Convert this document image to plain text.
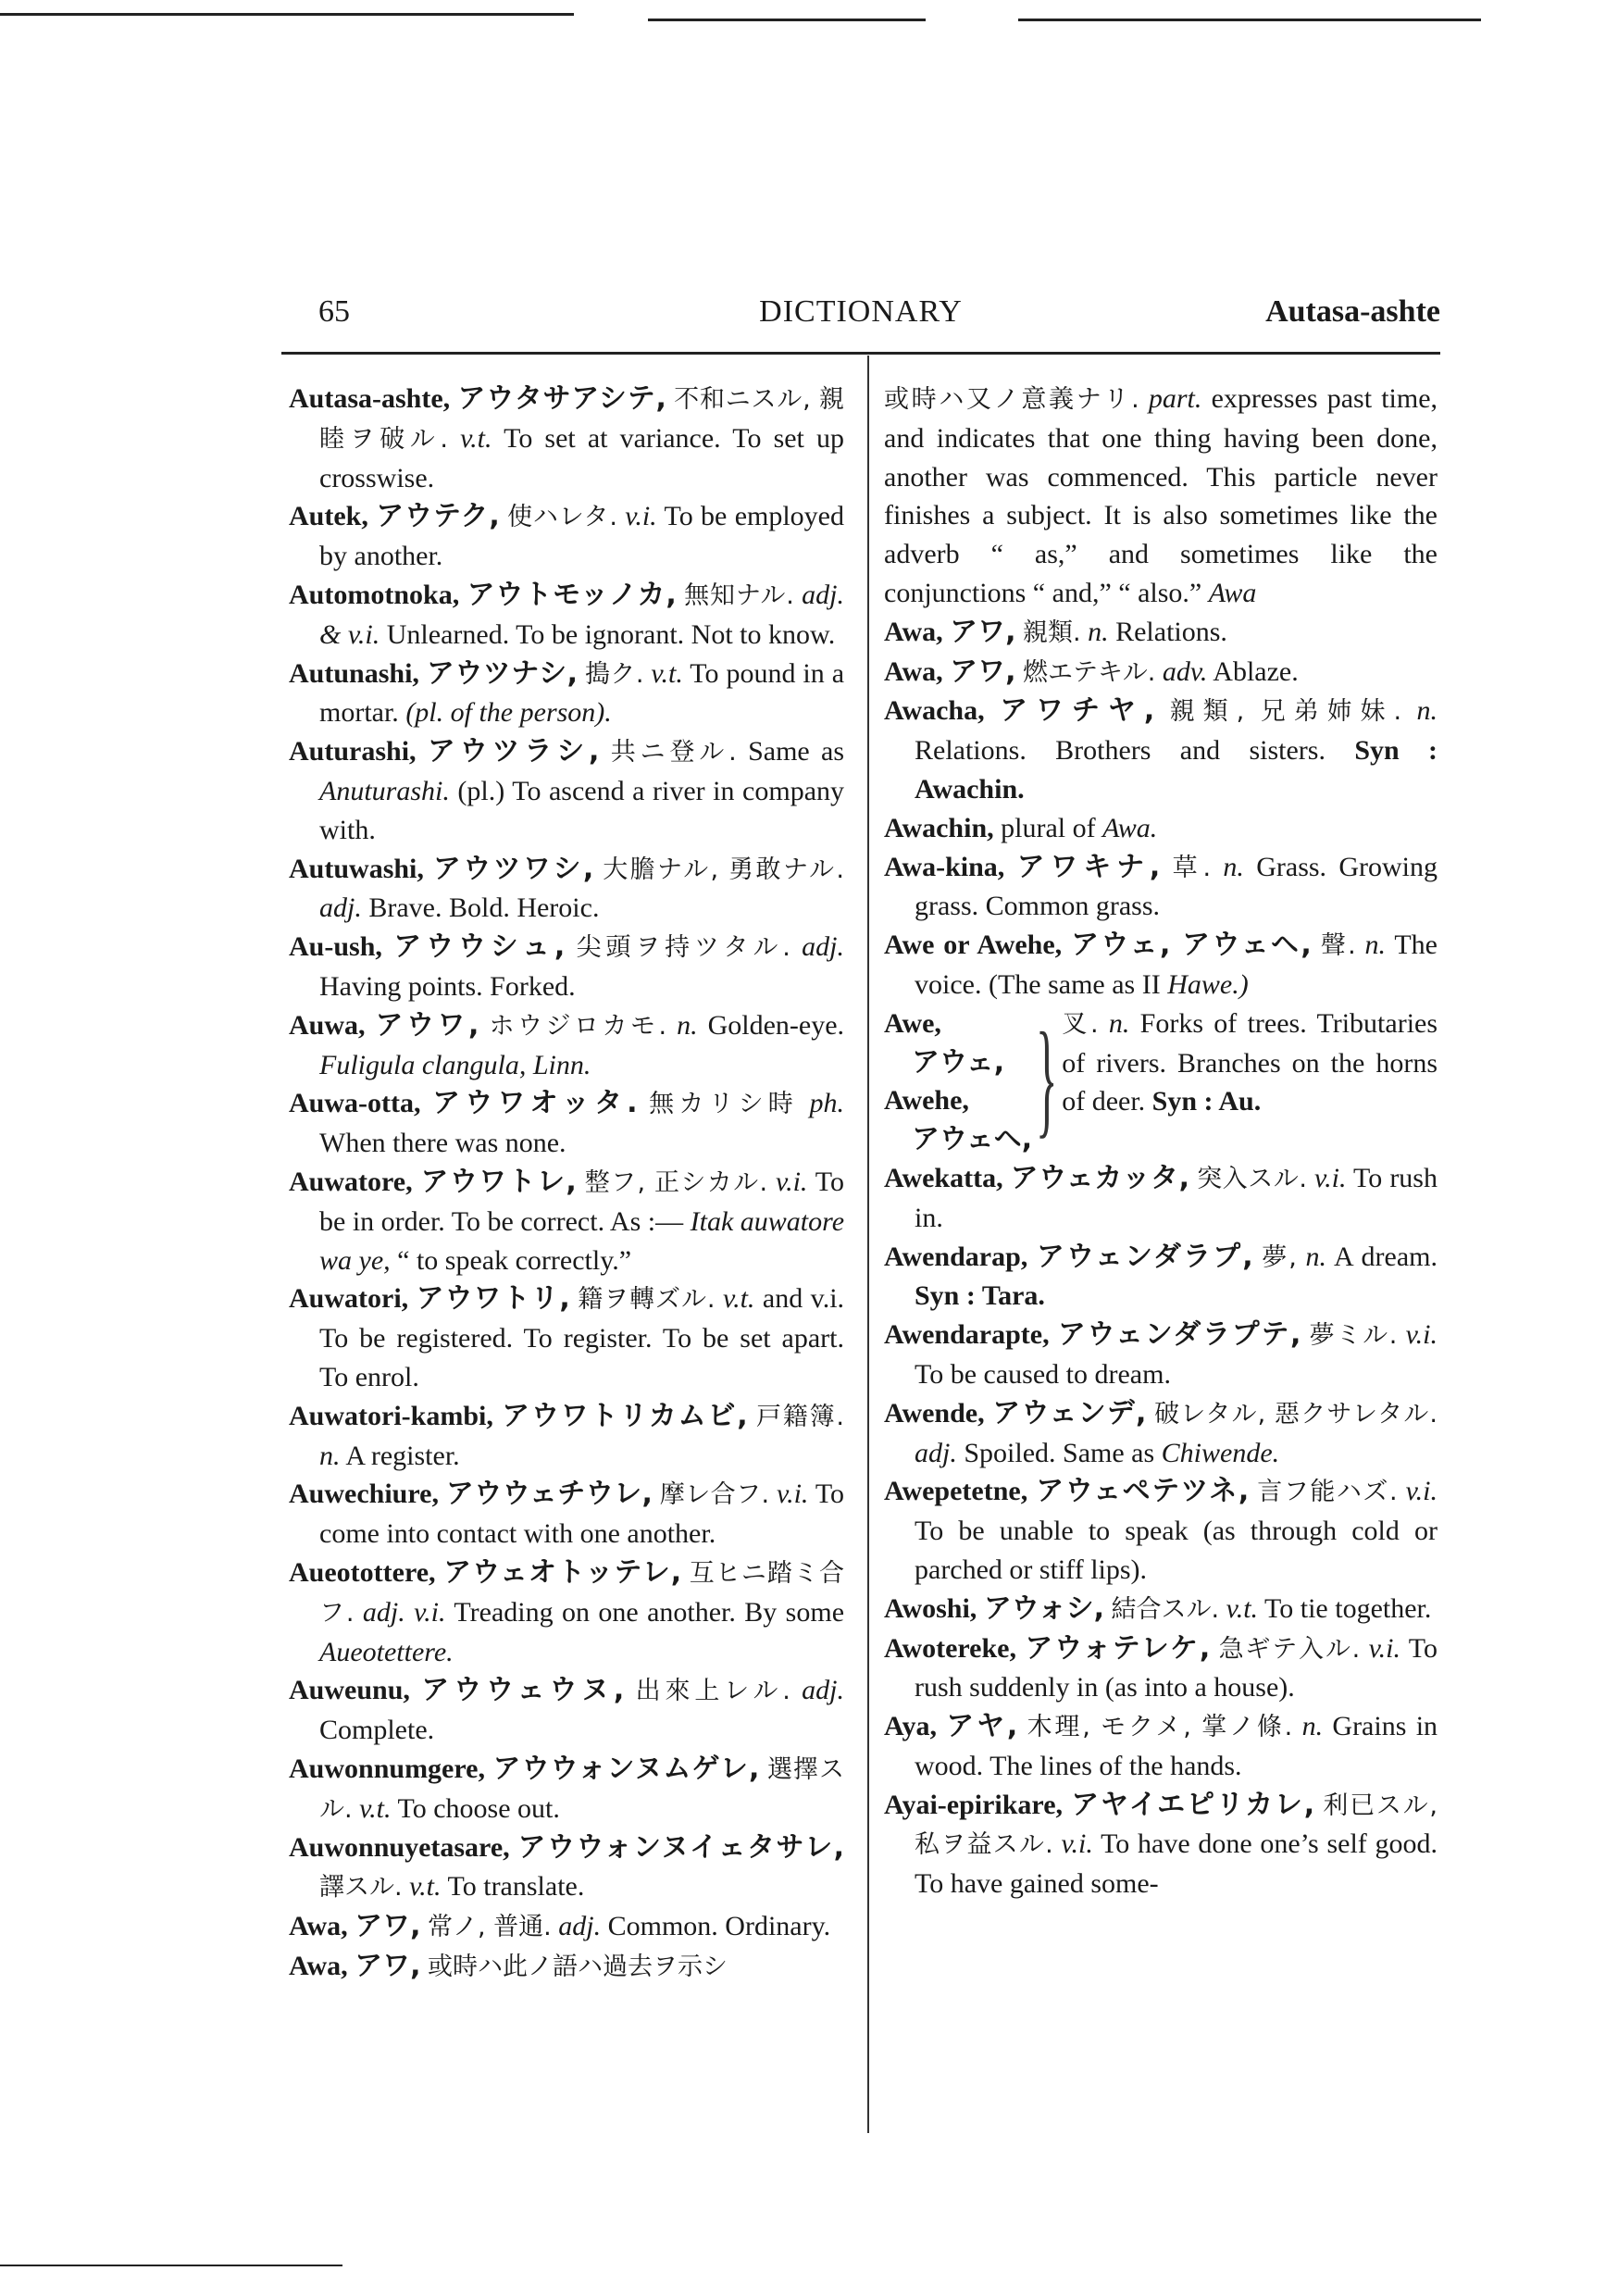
65	DICTIONARY	Autasa-ashte

Autasa-ashte, アウタサアシテ, 不和ニスル, 親睦ヲ破ル. v.t. To set at variance. To set up crosswise.

Autek, アウテク, 使ハレタ. v.i. To be employed by another.

Automotnoka, アウトモッノカ, 無知ナル. adj. & v.i. Unlearned. To be ignorant. Not to know.

Autunashi, アウツナシ, 搗ク. v.t. To pound in a mortar. (pl. of the person).

Auturashi, アウツラシ, 共ニ登ル. Same as Anuturashi. (pl.) To ascend a river in company with.

Autuwashi, アウツワシ, 大膽ナル, 勇敢ナル. adj. Brave. Bold. Heroic.

Au-ush, アウウシュ, 尖頭ヲ持ツタル. adj. Having points. Forked.

Auwa, アウワ, ホウジロカモ. n. Golden-eye. Fuligula clangula, Linn.

Auwa-otta, アウワオッタ. 無カリシ時 ph. When there was none.

Auwatore, アウワトレ, 整フ, 正シカル. v.i. To be in order. To be correct. As :— Itak auwatore wa ye, “ to speak correctly.”

Auwatori, アウワトリ, 籍ヲ轉ズル. v.t. and v.i. To be registered. To register. To be set apart. To enrol.

Auwatori-kambi, アウワトリカムビ, 戸籍簿. n. A register.

Auwechiure, アウウェチウレ, 摩レ合フ. v.i. To come into contact with one another.

Aueotottere, アウェオトッテレ, 互ヒニ踏ミ合フ. adj. v.i. Treading on one another. By some Aueotettere.

Auweunu, アウウェウヌ, 出來上レル. adj. Complete.

Auwonnumgere, アウウォンヌムゲレ, 選擇スル. v.t. To choose out.

Auwonnuyetasare, アウウォンヌイェタサレ, 譯スル. v.t. To translate.

Awa, アワ, 常ノ, 普通. adj. Common. Ordinary.

Awa, アワ, 或時ハ此ノ語ハ過去ヲ示シ

或時ハ又ノ意義ナリ. part. expresses past time, and indicates that one thing having been done, another was commenced. This particle never finishes a subject. It is also sometimes like the adverb “ as,” and sometimes like the conjunctions “ and,” “ also.” Awa

Awa, アワ, 親類. n. Relations.

Awa, アワ, 燃エテキル. adv. Ablaze.

Awacha, アワチヤ, 親類, 兄弟姉妹. n. Relations. Brothers and sisters. Syn : Awachin.

Awachin, plural of Awa.

Awa-kina, アワキナ, 草. n. Grass. Growing grass. Common grass.

Awe or Awehe, アウェ, アウェヘ, 聲. n. The voice. (The same as II Hawe.)

Awe,
アウェ,
Awehe,
アウェヘ, } 叉. n. Forks of trees. Tributaries of rivers. Branches on the horns of deer. Syn : Au.

Awekatta, アウェカッタ, 突入スル. v.i. To rush in.

Awendarap, アウェンダラプ, 夢, n. A dream. Syn : Tara.

Awendarapte, アウェンダラプテ, 夢ミル. v.i. To be caused to dream.

Awende, アウェンデ, 破レタル, 惡クサレタル. adj. Spoiled. Same as Chiwende.

Awepetetne, アウェペテツネ, 言フ能ハズ. v.i. To be unable to speak (as through cold or parched or stiff lips).

Awoshi, アウォシ, 結合スル. v.t. To tie together.

Awotereke, アウォテレケ, 急ギテ入ル. v.i. To rush suddenly in (as into a house).

Aya, アヤ, 木理, モクメ, 掌ノ條. n. Grains in wood. The lines of the hands.

Ayai-epirikare, アヤイエピリカレ, 利已スル, 私ヲ益スル. v.i. To have done one’s self good. To have gained some-
